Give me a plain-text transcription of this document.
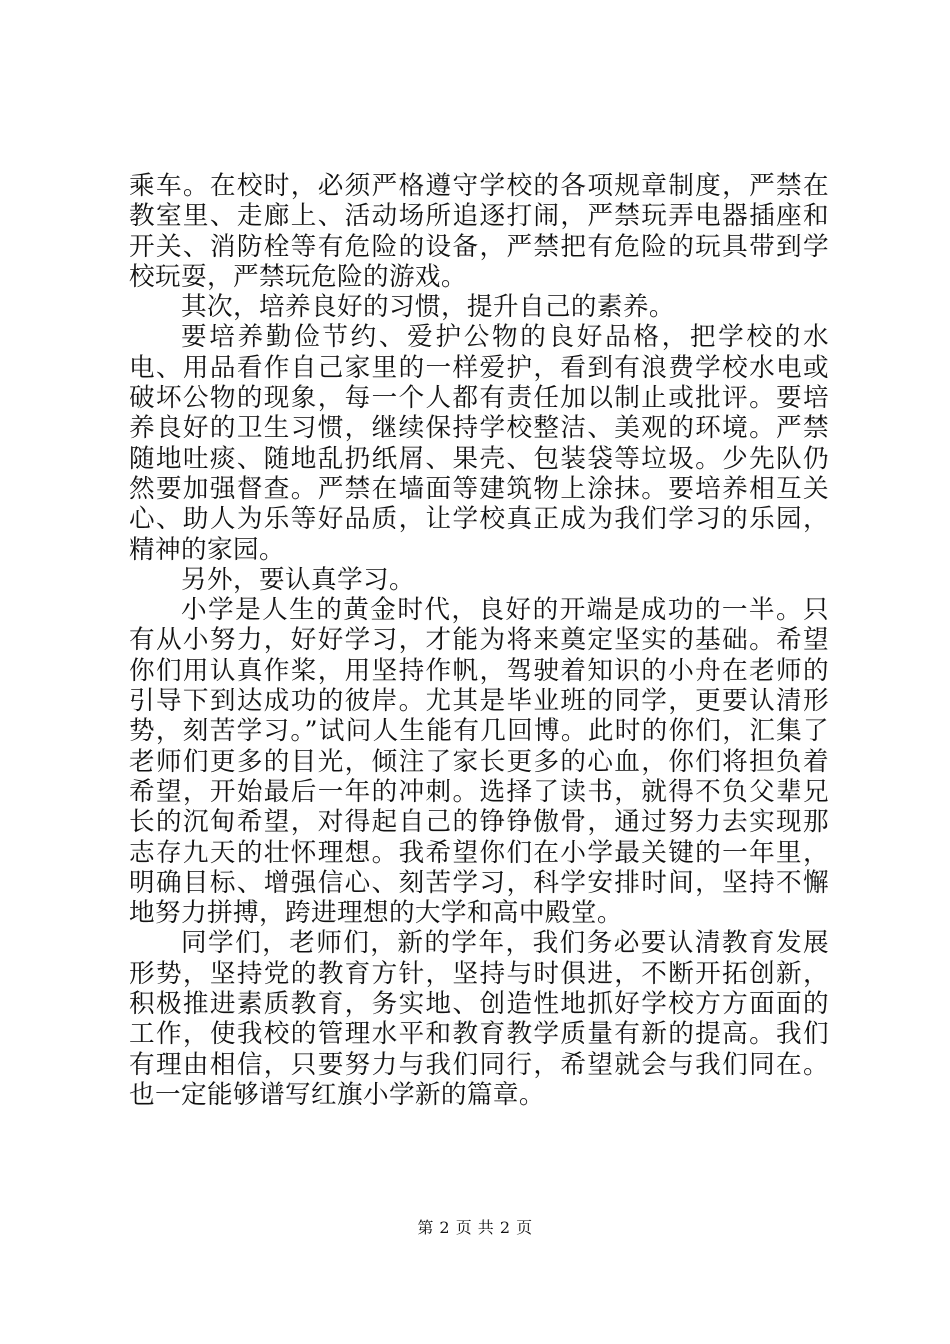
乘车。在校时，必须严格遵守学校的各项规章制度，严禁在教室里、走廊上、活动场所追逐打闹，严禁玩弄电器插座和开关、消防栓等有危险的设备，严禁把有危险的玩具带到学校玩耍，严禁玩危险的游戏。

其次，培养良好的习惯，提升自己的素养。

要培养勤俭节约、爱护公物的良好品格，把学校的水电、用品看作自己家里的一样爱护，看到有浪费学校水电或破坏公物的现象，每一个人都有责任加以制止或批评。要培养良好的卫生习惯，继续保持学校整洁、美观的环境。严禁随地吐痰、随地乱扔纸屑、果壳、包装袋等垃圾。少先队仍然要加强督查。严禁在墙面等建筑物上涂抹。要培养相互关心、助人为乐等好品质，让学校真正成为我们学习的乐园，精神的家园。

另外，要认真学习。

小学是人生的黄金时代，良好的开端是成功的一半。只有从小努力，好好学习，才能为将来奠定坚实的基础。希望你们用认真作桨，用坚持作帆，驾驶着知识的小舟在老师的引导下到达成功的彼岸。尤其是毕业班的同学，更要认清形势，刻苦学习。”试问人生能有几回博。此时的你们，汇集了老师们更多的目光，倾注了家长更多的心血，你们将担负着希望，开始最后一年的冲刺。选择了读书，就得不负父辈兄长的沉甸希望，对得起自己的铮铮傲骨，通过努力去实现那志存九天的壮怀理想。我希望你们在小学最关键的一年里，明确目标、增强信心、刻苦学习，科学安排时间，坚持不懈地努力拼搏，跨进理想的大学和高中殿堂。

同学们，老师们，新的学年，我们务必要认清教育发展形势，坚持党的教育方针，坚持与时俱进，不断开拓创新，积极推进素质教育，务实地、创造性地抓好学校方方面面的工作，使我校的管理水平和教育教学质量有新的提高。我们有理由相信，只要努力与我们同行，希望就会与我们同在。也一定能够谱写红旗小学新的篇章。

第 2 页 共 2 页
